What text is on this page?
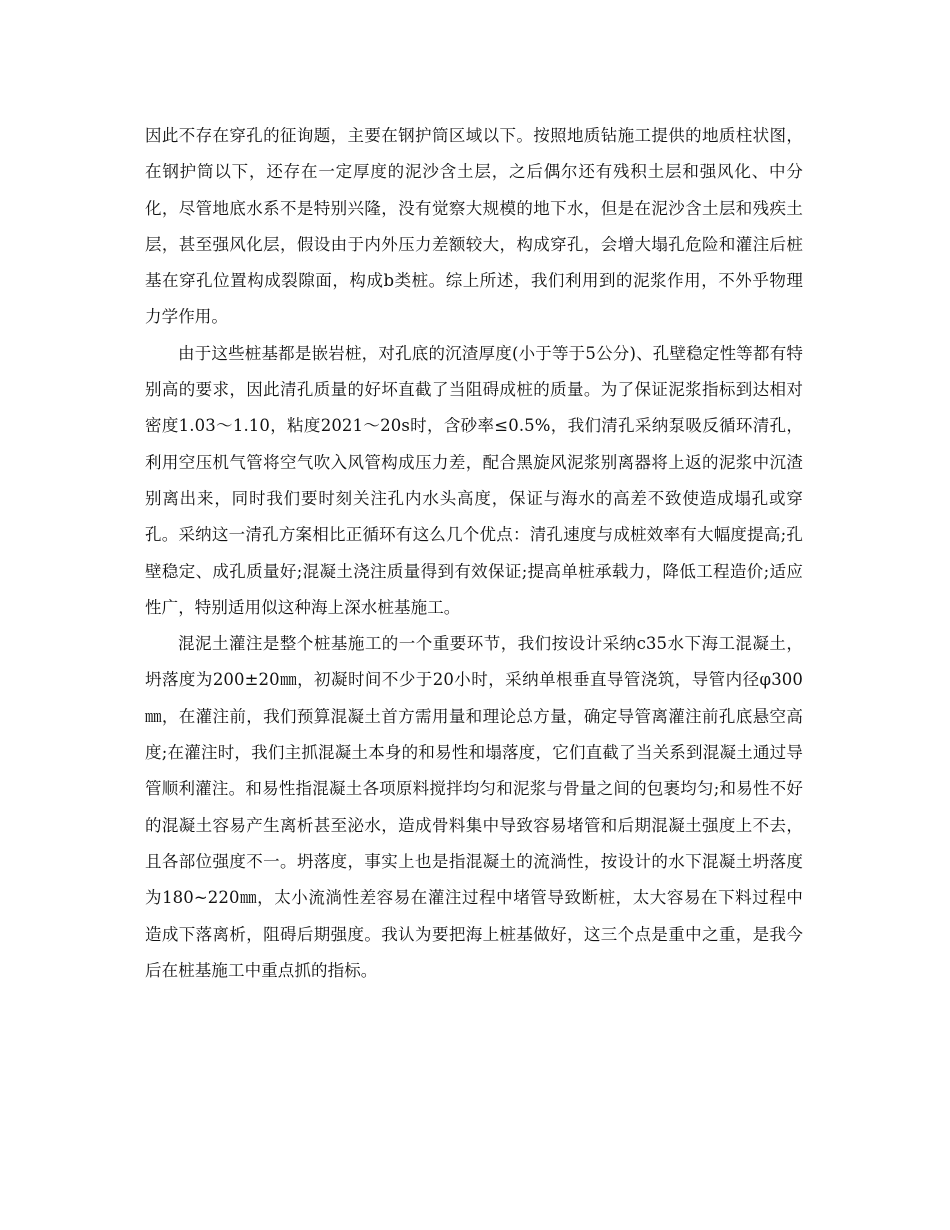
因此不存在穿孔的征询题，主要在钢护筒区域以下。按照地质钻施工提供的地质柱状图，在钢护筒以下，还存在一定厚度的泥沙含土层，之后偶尔还有残积土层和强风化、中分化，尽管地底水系不是特别兴隆，没有觉察大规模的地下水，但是在泥沙含土层和残疾土层，甚至强风化层，假设由于内外压力差额较大，构成穿孔，会增大塌孔危险和灌注后桩基在穿孔位置构成裂隙面，构成b类桩。综上所述，我们利用到的泥浆作用，不外乎物理力学作用。

由于这些桩基都是嵌岩桩，对孔底的沉渣厚度(小于等于5公分)、孔壁稳定性等都有特别高的要求，因此清孔质量的好坏直截了当阻碍成桩的质量。为了保证泥浆指标到达相对密度1.03～1.10，粘度2021～20s时，含砂率≤0.5%，我们清孔采纳泵吸反循环清孔，利用空压机气管将空气吹入风管构成压力差，配合黑旋风泥浆别离器将上返的泥浆中沉渣别离出来，同时我们要时刻关注孔内水头高度，保证与海水的高差不致使造成塌孔或穿孔。采纳这一清孔方案相比正循环有这么几个优点：清孔速度与成桩效率有大幅度提高;孔壁稳定、成孔质量好;混凝土浇注质量得到有效保证;提高单桩承载力，降低工程造价;适应性广，特别适用似这种海上深水桩基施工。

混泥土灌注是整个桩基施工的一个重要环节，我们按设计采纳c35水下海工混凝土，坍落度为200±20㎜，初凝时间不少于20小时，采纳单根垂直导管浇筑，导管内径φ300㎜，在灌注前，我们预算混凝土首方需用量和理论总方量，确定导管离灌注前孔底悬空高度;在灌注时，我们主抓混凝土本身的和易性和塌落度，它们直截了当关系到混凝土通过导管顺利灌注。和易性指混凝土各项原料搅拌均匀和泥浆与骨量之间的包裹均匀;和易性不好的混凝土容易产生离析甚至泌水，造成骨料集中导致容易堵管和后期混凝土强度上不去，且各部位强度不一。坍落度，事实上也是指混凝土的流淌性，按设计的水下混凝土坍落度为180~220㎜，太小流淌性差容易在灌注过程中堵管导致断桩，太大容易在下料过程中造成下落离析，阻碍后期强度。我认为要把海上桩基做好，这三个点是重中之重，是我今后在桩基施工中重点抓的指标。
